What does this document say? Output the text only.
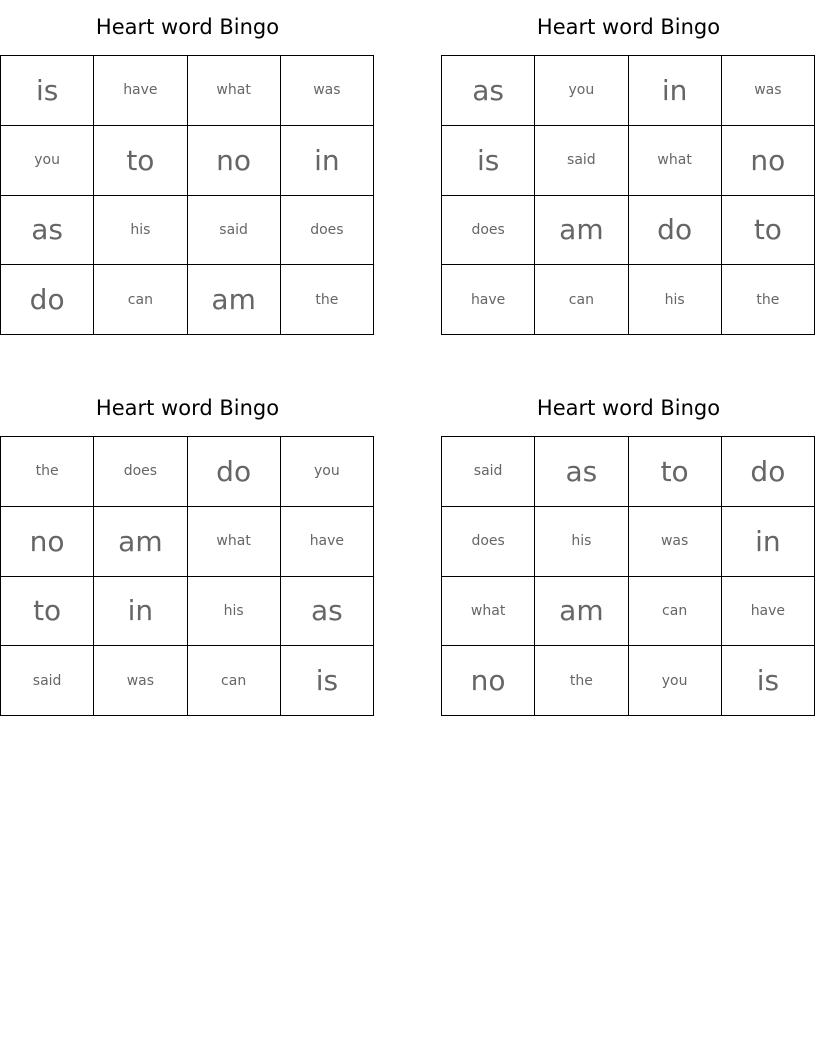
Heart word Bingo
is	have	what	was
you	to	no	in
as	his	said	does
do	can	am	the
Heart word Bingo
as	you	in	was
is	said	what	no
does	am	do	to
have	can	his	the
Heart word Bingo
the	does	do	you
no	am	what	have
to	in	his	as
said	was	can	is
Heart word Bingo
said	as	to	do
does	his	was	in
what	am	can	have
no	the	you	is
